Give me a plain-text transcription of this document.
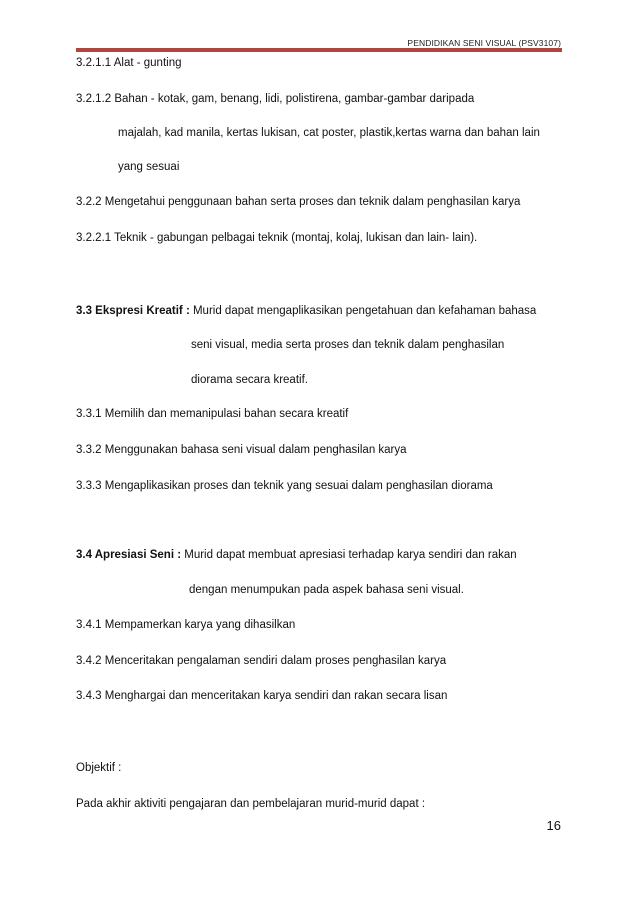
PENDIDIKAN SENI VISUAL (PSV3107)
3.2.1.1 Alat - gunting
3.2.1.2 Bahan - kotak, gam, benang, lidi, polistirena, gambar-gambar daripada
majalah, kad manila, kertas lukisan, cat poster, plastik,kertas warna dan bahan lain
yang sesuai
3.2.2 Mengetahui penggunaan bahan serta proses dan teknik dalam penghasilan karya
3.2.2.1 Teknik - gabungan pelbagai teknik (montaj, kolaj, lukisan dan lain- lain).
3.3 Ekspresi Kreatif : Murid dapat mengaplikasikan pengetahuan dan kefahaman bahasa
seni visual, media serta proses dan teknik dalam penghasilan
diorama secara kreatif.
3.3.1 Memilih dan memanipulasi bahan secara kreatif
3.3.2 Menggunakan bahasa seni visual dalam penghasilan karya
3.3.3 Mengaplikasikan proses dan teknik yang sesuai dalam penghasilan diorama
3.4 Apresiasi Seni : Murid dapat membuat apresiasi terhadap karya sendiri dan rakan
dengan menumpukan pada aspek bahasa seni visual.
3.4.1 Mempamerkan karya yang dihasilkan
3.4.2 Menceritakan pengalaman sendiri dalam proses penghasilan karya
3.4.3 Menghargai dan menceritakan karya sendiri dan rakan secara lisan
Objektif :
Pada akhir aktiviti pengajaran dan pembelajaran murid-murid dapat :
16
